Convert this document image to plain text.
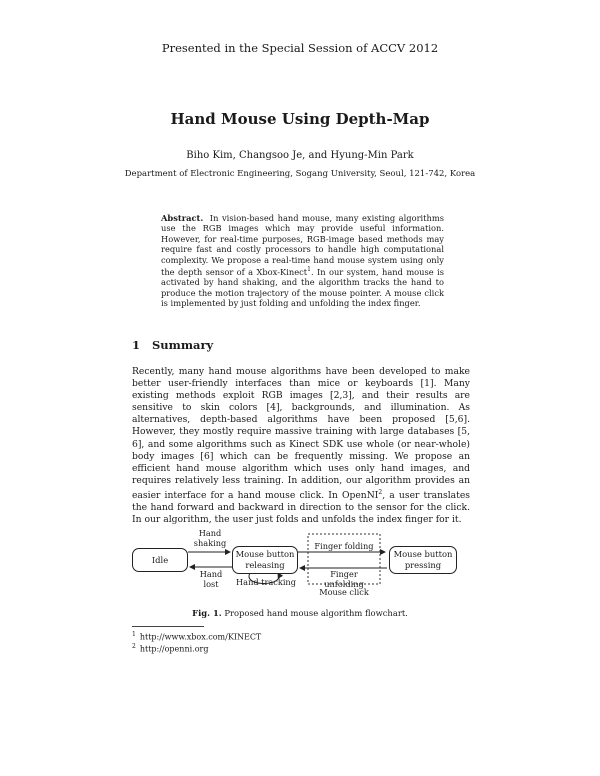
Presented in the Special Session of ACCV 2012
Hand Mouse Using Depth-Map
Biho Kim, Changsoo Je, and Hyung-Min Park
Department of Electronic Engineering, Sogang University, Seoul, 121-742, Korea
Abstract. In vision-based hand mouse, many existing algorithms use the RGB images which may provide useful information. However, for real-time purposes, RGB-image based methods may require fast and costly processors to handle high computational complexity. We propose a real-time hand mouse system using only the depth sensor of a Xbox-Kinect$^1$. In our system, hand mouse is activated by hand shaking, and the algorithm tracks the hand to produce the motion trajectory of the mouse pointer. A mouse click is implemented by just folding and unfolding the index finger.
1 Summary
Recently, many hand mouse algorithms have been developed to make better user-friendly interfaces than mice or keyboards [1]. Many existing methods exploit RGB images [2,3], and their results are sensitive to skin colors [4], backgrounds, and illumination. As alternatives, depth-based algorithms have been proposed [5,6]. However, they mostly require massive training with large databases [5, 6], and some algorithms such as Kinect SDK use whole (or near-whole) body images [6] which can be frequently missing. We propose an efficient hand mouse algorithm which uses only hand images, and requires relatively less training. In addition, our algorithm provides an easier interface for a hand mouse click. In OpenNI$^2$, a user translates the hand forward and backward in direction to the sensor for the click. In our algorithm, the user just folds and unfolds the index finger for it.
Hand shaking
Idle
Hand lost
Mouse button releasing
Hand tracking
Finger folding
Finger unfolding
Mouse click
Mouse button pressing
Fig. 1. Proposed hand mouse algorithm flowchart.
$^1$ http://www.xbox.com/KINECT
$^2$ http://openni.org
